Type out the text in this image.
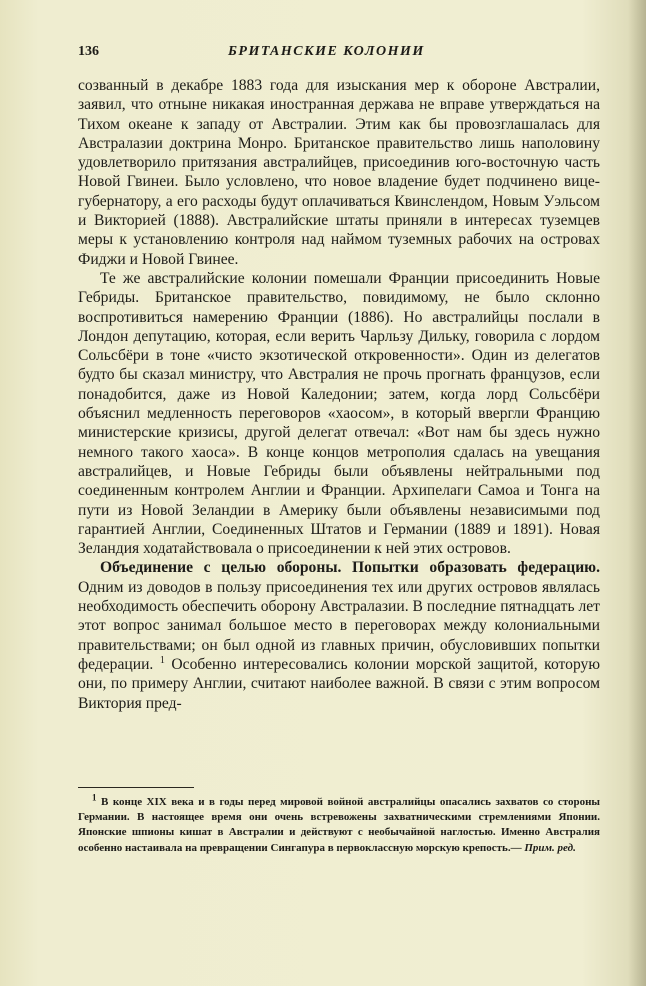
136	БРИТАНСКИЕ КОЛОНИИ

созванный в декабре 1883 года для изыскания мер к обороне Австралии, заявил, что отныне никакая иностранная держава не вправе утверждаться на Тихом океане к западу от Австралии. Этим как бы провозглашалась для Австралазии доктрина Монро. Британское правительство лишь наполовину удовлетворило притязания австралийцев, присоединив юго-восточную часть Новой Гвинеи. Было условлено, что новое владение будет подчинено вице-губернатору, а его расходы будут оплачиваться Квинслендом, Новым Уэльсом и Викторией (1888). Австралийские штаты приняли в интересах туземцев меры к установлению контроля над наймом туземных рабочих на островах Фиджи и Новой Гвинее.

Те же австралийские колонии помешали Франции присоединить Новые Гебриды. Британское правительство, повидимому, не было склонно воспротивиться намерению Франции (1886). Но австралийцы послали в Лондон депутацию, которая, если верить Чарльзу Дильку, говорила с лордом Сольсбёри в тоне «чисто экзотической откровенности». Один из делегатов будто бы сказал министру, что Австралия не прочь прогнать французов, если понадобится, даже из Новой Каледонии; затем, когда лорд Сольсбёри объяснил медленность переговоров «хаосом», в который ввергли Францию министерские кризисы, другой делегат отвечал: «Вот нам бы здесь нужно немного такого хаоса». В конце концов метрополия сдалась на увещания австралийцев, и Новые Гебриды были объявлены нейтральными под соединенным контролем Англии и Франции. Архипелаги Самоа и Тонга на пути из Новой Зеландии в Америку были объявлены независимыми под гарантией Англии, Соединенных Штатов и Германии (1889 и 1891). Новая Зеландия ходатайствовала о присоединении к ней этих островов.

Объединение с целью обороны. Попытки образовать федерацию. Одним из доводов в пользу присоединения тех или других островов являлась необходимость обеспечить оборону Австралазии. В последние пятнадцать лет этот вопрос занимал большое место в переговорах между колониальными правительствами; он был одной из главных причин, обусловивших попытки федерации. $^1$ Особенно интересовались колонии морской защитой, которую они, по примеру Англии, считают наиболее важной. В связи с этим вопросом Виктория пред-

$^1$ В конце XIX века и в годы перед мировой войной австралийцы опасались захватов со стороны Германии. В настоящее время они очень встревожены захватническими стремлениями Японии. Японские шпионы кишат в Австралии и действуют с необычайной наглостью. Именно Австралия особенно настаивала на превращении Сингапура в первоклассную морскую крепость.— Прим. ред.
